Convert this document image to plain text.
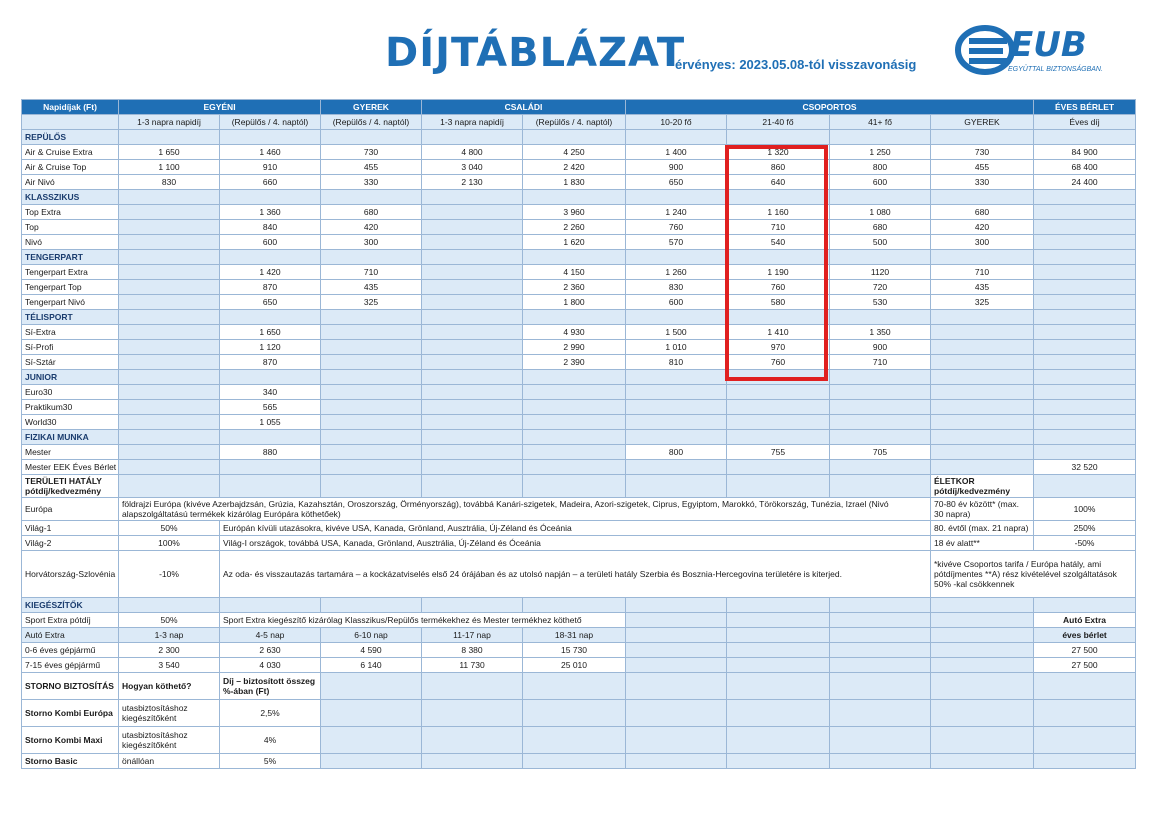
DÍJTÁBLÁZAT
érvényes: 2023.05.08-tól visszavonásig	EUB
EGYÜTTAL BIZTONSÁGBAN.
Napidíjak (Ft)	EGYÉNI		GYEREK	CSALÁDI		CSOPORTOS				ÉVES BÉRLET
	1-3 napra napidíj	(Repülős / 4. naptól)	(Repülős / 4. naptól)	1-3 napra napidíj	(Repülős / 4. naptól)	10-20 fő	21-40 fő	41+ fő	GYEREK	Éves díj
REPÜLŐS										
Air & Cruise Extra	1 650	1 460	730	4 800	4 250	1 400	1 320	1 250	730	84 900
Air & Cruise Top	1 100	910	455	3 040	2 420	900	860	800	455	68 400
Air Nivó	830	660	330	2 130	1 830	650	640	600	330	24 400
KLASSZIKUS										
Top Extra		1 360	680		3 960	1 240	1 160	1 080	680	
Top		840	420		2 260	760	710	680	420	
Nivó		600	300		1 620	570	540	500	300	
TENGERPART										
Tengerpart Extra		1 420	710		4 150	1 260	1 190	1120	710	
Tengerpart Top		870	435		2 360	830	760	720	435	
Tengerpart Nivó		650	325		1 800	600	580	530	325	
TÉLISPORT										
Sí-Extra		1 650			4 930	1 500	1 410	1 350		
Sí-Profi		1 120			2 990	1 010	970	900		
Sí-Sztár		870			2 390	810	760	710		
JUNIOR										
Euro30		340								
Praktikum30		565								
World30		1 055								
FIZIKAI MUNKA										
Mester		880				800	755	705		
Mester EEK Éves Bérlet										32 520
TERÜLETI HATÁLY pótdíj/kedvezmény									ÉLETKOR pótdíj/kedvezmény	
Európa	földrajzi Európa (kivéve Azerbajdzsán, Grúzia, Kazahsztán, Oroszország, Örményország), továbbá Kanári-szigetek, Madeira, Azori-szigetek, Ciprus, Egyiptom, Marokkó, Törökország, Tunézia, Izrael (Nivó alapszolgáltatású termékek kizárólag Európára köthetőek)								70-80 év között* (max. 30 napra)	100%
Világ-1	50%	Európán kívüli utazásokra, kivéve USA, Kanada, Grönland, Ausztrália, Új-Zéland és Óceánia							80. évtől (max. 21 napra)	250%
Világ-2	100%	Világ-I országok, továbbá USA, Kanada, Grönland, Ausztrália, Új-Zéland és Óceánia							18 év alatt**	-50%
Horvátország-Szlovénia	-10%	Az oda- és visszautazás tartamára – a kockázatviselés első 24 órájában és az utolsó napján – a területi hatály Szerbia és Bosznia-Hercegovina területére is kiterjed.							*kivéve Csoportos tarifa / Európa hatály, ami pótdíjmentes **A) rész kivételével szolgáltatások 50% -kal csökkennek	
KIEGÉSZÍTŐK										
Sport Extra pótdíj	50%	Sport Extra kiegészítő kizárólag Klasszikus/Repülős termékekhez és Mester termékhez köthető								Autó Extra
Autó Extra	1-3 nap	4-5 nap	6-10 nap	11-17 nap	18-31 nap					éves bérlet
0-6 éves gépjármű	2 300	2 630	4 590	8 380	15 730					27 500
7-15 éves gépjármű	3 540	4 030	6 140	11 730	25 010					27 500
STORNO BIZTOSÍTÁS	Hogyan köthető?	Díj – biztosított összeg %-ában (Ft)								
Storno Kombi Európa	utasbiztosításhoz kiegészítőként	2,5%								
Storno Kombi Maxi	utasbiztosításhoz kiegészítőként	4%								
Storno Basic	önállóan	5%								
